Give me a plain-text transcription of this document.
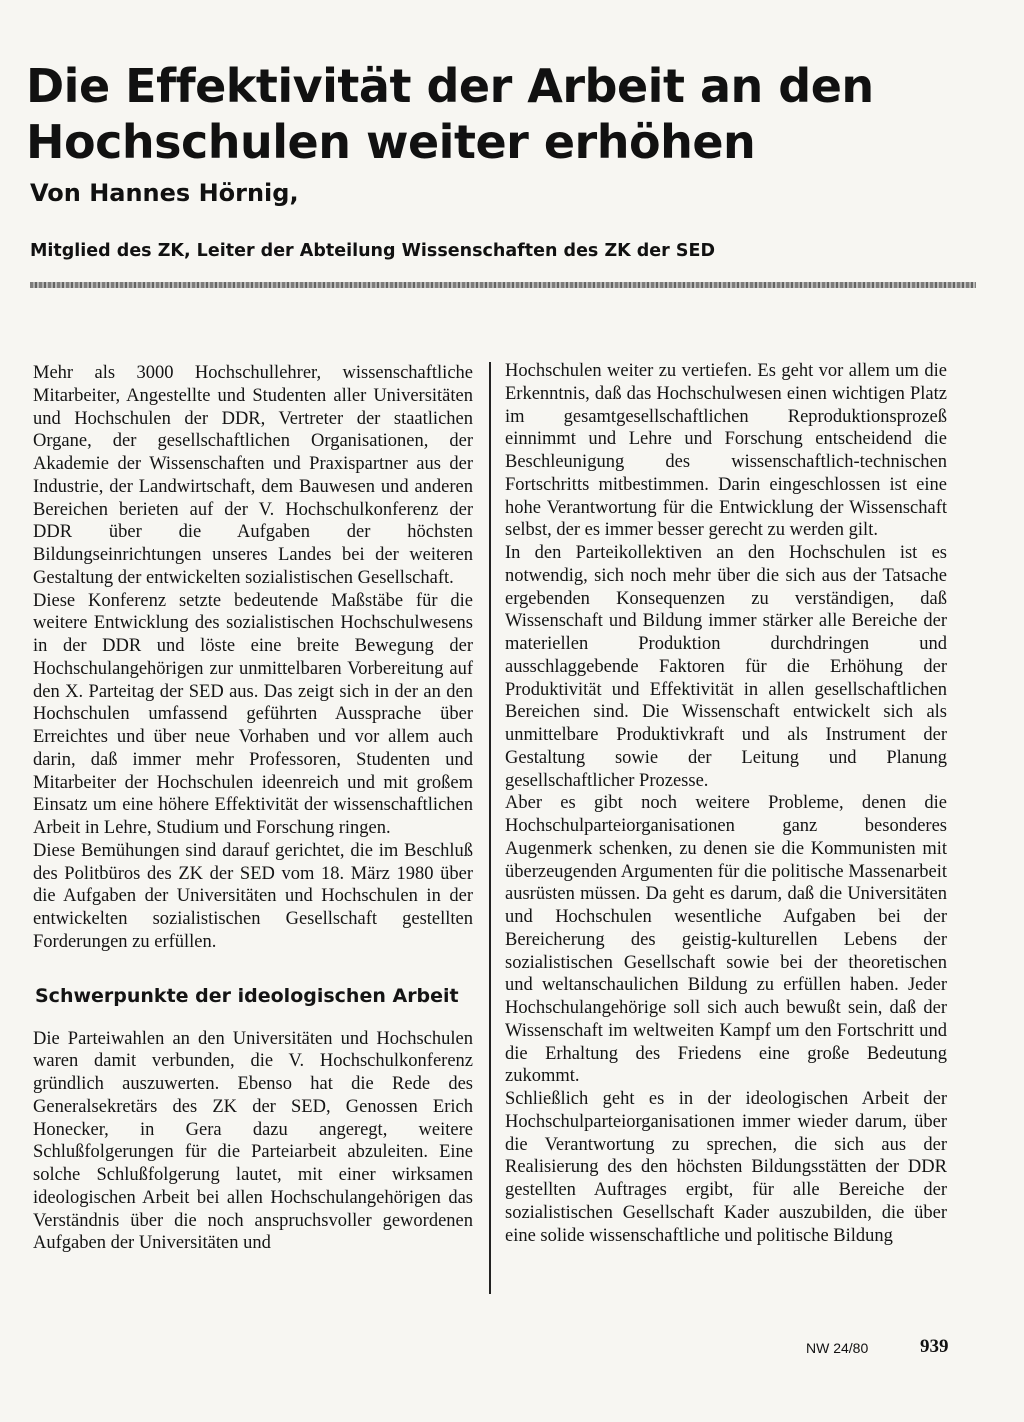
Die Effektivität der Arbeit an den Hochschulen weiter erhöhen
Von Hannes Hörnig,
Mitglied des ZK, Leiter der Abteilung Wissenschaften des ZK der SED

Mehr als 3000 Hochschullehrer, wissenschaftliche Mitarbeiter, Angestellte und Studenten aller Universitäten und Hochschulen der DDR, Vertreter der staatlichen Organe, der gesellschaftlichen Organisationen, der Akademie der Wissenschaften und Praxispartner aus der Industrie, der Landwirtschaft, dem Bauwesen und anderen Bereichen berieten auf der V. Hochschulkonferenz der DDR über die Aufgaben der höchsten Bildungseinrichtungen unseres Landes bei der weiteren Gestaltung der entwickelten sozialistischen Gesellschaft.

Diese Konferenz setzte bedeutende Maßstäbe für die weitere Entwicklung des sozialistischen Hochschulwesens in der DDR und löste eine breite Bewegung der Hochschulangehörigen zur unmittelbaren Vorbereitung auf den X. Parteitag der SED aus. Das zeigt sich in der an den Hochschulen umfassend geführten Aussprache über Erreichtes und über neue Vorhaben und vor allem auch darin, daß immer mehr Professoren, Studenten und Mitarbeiter der Hochschulen ideenreich und mit großem Einsatz um eine höhere Effektivität der wissenschaftlichen Arbeit in Lehre, Studium und Forschung ringen.

Diese Bemühungen sind darauf gerichtet, die im Beschluß des Politbüros des ZK der SED vom 18. März 1980 über die Aufgaben der Universitäten und Hochschulen in der entwickelten sozialistischen Gesellschaft gestellten Forderungen zu erfüllen.

Schwerpunkte der ideologischen Arbeit

Die Parteiwahlen an den Universitäten und Hochschulen waren damit verbunden, die V. Hochschulkonferenz gründlich auszuwerten. Ebenso hat die Rede des Generalsekretärs des ZK der SED, Genossen Erich Honecker, in Gera dazu angeregt, weitere Schlußfolgerungen für die Parteiarbeit abzuleiten. Eine solche Schlußfolgerung lautet, mit einer wirksamen ideologischen Arbeit bei allen Hochschulangehörigen das Verständnis über die noch anspruchsvoller gewordenen Aufgaben der Universitäten und

Hochschulen weiter zu vertiefen. Es geht vor allem um die Erkenntnis, daß das Hochschulwesen einen wichtigen Platz im gesamtgesellschaftlichen Reproduktionsprozeß einnimmt und Lehre und Forschung entscheidend die Beschleunigung des wissenschaftlich-technischen Fortschritts mitbestimmen. Darin eingeschlossen ist eine hohe Verantwortung für die Entwicklung der Wissenschaft selbst, der es immer besser gerecht zu werden gilt.

In den Parteikollektiven an den Hochschulen ist es notwendig, sich noch mehr über die sich aus der Tatsache ergebenden Konsequenzen zu verständigen, daß Wissenschaft und Bildung immer stärker alle Bereiche der materiellen Produktion durchdringen und ausschlaggebende Faktoren für die Erhöhung der Produktivität und Effektivität in allen gesellschaftlichen Bereichen sind. Die Wissenschaft entwickelt sich als unmittelbare Produktivkraft und als Instrument der Gestaltung sowie der Leitung und Planung gesellschaftlicher Prozesse.

Aber es gibt noch weitere Probleme, denen die Hochschulparteiorganisationen ganz besonderes Augenmerk schenken, zu denen sie die Kommunisten mit überzeugenden Argumenten für die politische Massenarbeit ausrüsten müssen. Da geht es darum, daß die Universitäten und Hochschulen wesentliche Aufgaben bei der Bereicherung des geistig-kulturellen Lebens der sozialistischen Gesellschaft sowie bei der theoretischen und weltanschaulichen Bildung zu erfüllen haben. Jeder Hochschulangehörige soll sich auch bewußt sein, daß der Wissenschaft im weltweiten Kampf um den Fortschritt und die Erhaltung des Friedens eine große Bedeutung zukommt.

Schließlich geht es in der ideologischen Arbeit der Hochschulparteiorganisationen immer wieder darum, über die Verantwortung zu sprechen, die sich aus der Realisierung des den höchsten Bildungsstätten der DDR gestellten Auftrages ergibt, für alle Bereiche der sozialistischen Gesellschaft Kader auszubilden, die über eine solide wissenschaftliche und politische Bildung

NW 24/80	939
